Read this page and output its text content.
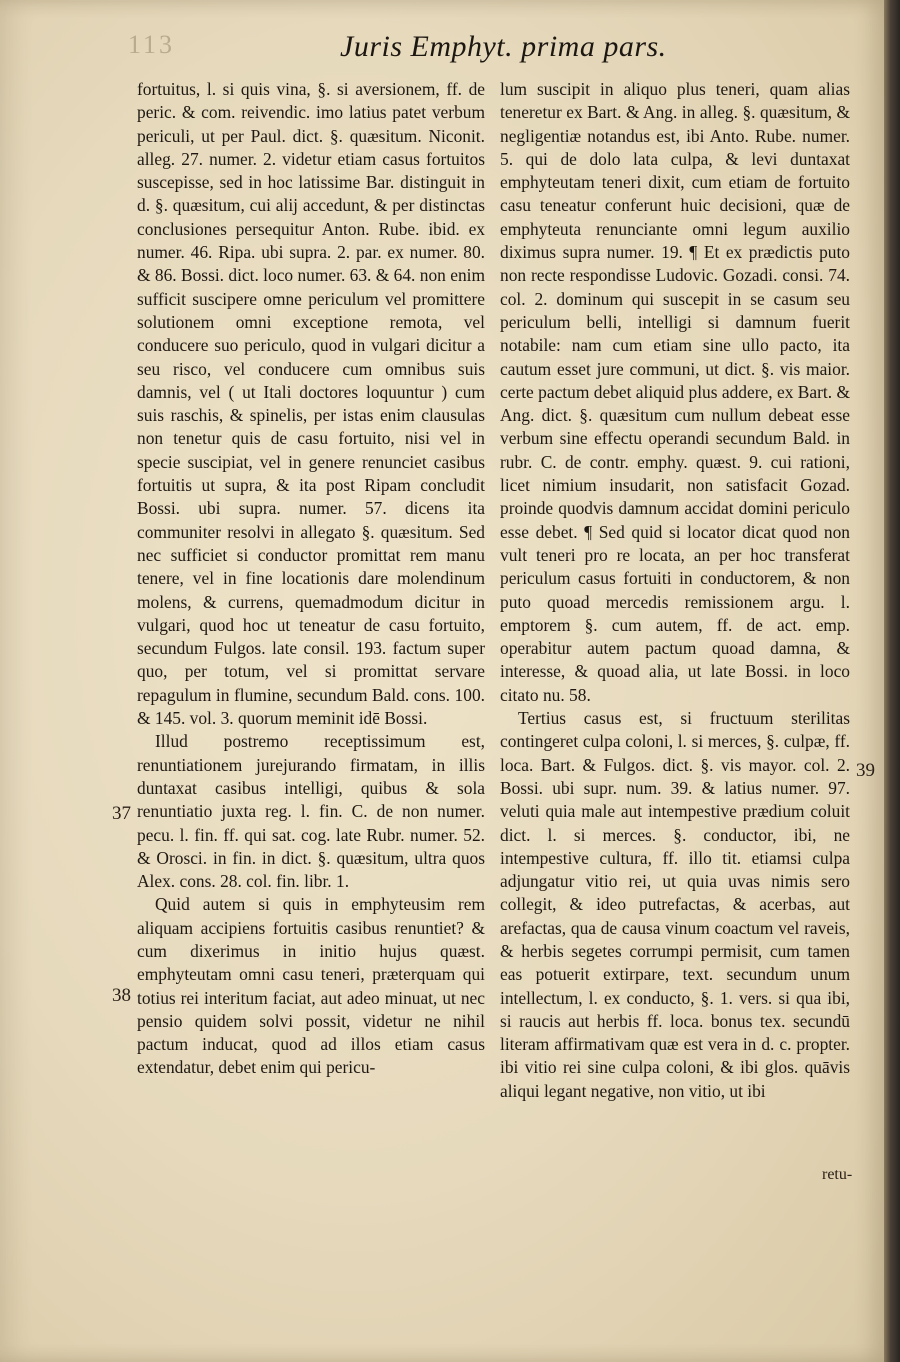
113	Juris Emphyt. prima pars.

fortuitus, l. si quis vina, §. si aversionem, ff. de peric. & com. reivendic. imo latius patet verbum periculi, ut per Paul. dict. §. quæsitum. Niconit. alleg. 27. numer. 2. videtur etiam casus fortuitos suscepisse, sed in hoc latissime Bar. distinguit in d. §. quæsitum, cui alij accedunt, & per distinctas conclusiones persequitur Anton. Rube. ibid. ex numer. 46. Ripa. ubi supra. 2. par. ex numer. 80. & 86. Bossi. dict. loco numer. 63. & 64. non enim sufficit suscipere omne periculum vel promittere solutionem omni exceptione remota, vel conducere suo periculo, quod in vulgari dicitur a seu risco, vel conducere cum omnibus suis damnis, vel ( ut Itali doctores loquuntur ) cum suis raschis, & spinelis, per istas enim clausulas non tenetur quis de casu fortuito, nisi vel in specie suscipiat, vel in genere renunciet casibus fortuitis ut supra, & ita post Ripam concludit Bossi. ubi supra. numer. 57. dicens ita communiter resolvi in allegato §. quæsitum. Sed nec sufficiet si conductor promittat rem manu tenere, vel in fine locationis dare molendinum molens, & currens, quemadmodum dicitur in vulgari, quod hoc ut teneatur de casu fortuito, secundum Fulgos. late consil. 193. factum super quo, per totum, vel si promittat servare repagulum in flumine, secundum Bald. cons. 100. & 145. vol. 3. quorum meminit idē Bossi.

Illud postremo receptissimum est, renuntiationem jurejurando firmatam, in illis duntaxat casibus intelligi, quibus & sola renuntiatio juxta reg. l. fin. C. de non numer. pecu. l. fin. ff. qui sat. cog. late Rubr. numer. 52. & Orosci. in fin. in dict. §. quæsitum, ultra quos Alex. cons. 28. col. fin. libr. 1.

Quid autem si quis in emphyteusim rem aliquam accipiens fortuitis casibus renuntiet? & cum dixerimus in initio hujus quæst. emphyteutam omni casu teneri, præterquam qui totius rei interitum faciat, aut adeo minuat, ut nec pensio quidem solvi possit, videtur ne nihil pactum inducat, quod ad illos etiam casus extendatur, debet enim qui pericu-

lum suscipit in aliquo plus teneri, quam alias teneretur ex Bart. & Ang. in alleg. §. quæsitum, & negligentiæ notandus est, ibi Anto. Rube. numer. 5. qui de dolo lata culpa, & levi duntaxat emphyteutam teneri dixit, cum etiam de fortuito casu teneatur conferunt huic decisioni, quæ de emphyteuta renunciante omni legum auxilio diximus supra numer. 19. ¶ Et ex prædictis puto non recte respondisse Ludovic. Gozadi. consi. 74. col. 2. dominum qui suscepit in se casum seu periculum belli, intelligi si damnum fuerit notabile: nam cum etiam sine ullo pacto, ita cautum esset jure communi, ut dict. §. vis maior. certe pactum debet aliquid plus addere, ex Bart. & Ang. dict. §. quæsitum cum nullum debeat esse verbum sine effectu operandi secundum Bald. in rubr. C. de contr. emphy. quæst. 9. cui rationi, licet nimium insudarit, non satisfacit Gozad. proinde quodvis damnum accidat domini periculo esse debet. ¶ Sed quid si locator dicat quod non vult teneri pro re locata, an per hoc transferat periculum casus fortuiti in conductorem, & non puto quoad mercedis remissionem argu. l. emptorem §. cum autem, ff. de act. emp. operabitur autem pactum quoad damna, & interesse, & quoad alia, ut late Bossi. in loco citato nu. 58.

Tertius casus est, si fructuum sterilitas contingeret culpa coloni, l. si merces, §. culpæ, ff. loca. Bart. & Fulgos. dict. §. vis mayor. col. 2. Bossi. ubi supr. num. 39. & latius numer. 97. veluti quia male aut intempestive prædium coluit dict. l. si merces. §. conductor, ibi, ne intempestive cultura, ff. illo tit. etiamsi culpa adjungatur vitio rei, ut quia uvas nimis sero collegit, & ideo putrefactas, & acerbas, aut arefactas, qua de causa vinum coactum vel raveis, & herbis segetes corrumpi permisit, cum tamen eas potuerit extirpare, text. secundum unum intellectum, l. ex conducto, §. 1. vers. si qua ibi, si raucis aut herbis ff. loca. bonus tex. secundū literam affirmativam quæ est vera in d. c. propter. ibi vitio rei sine culpa coloni, & ibi glos. quāvis aliqui legant negative, non vitio, ut ibi

37
38
39
retu-
